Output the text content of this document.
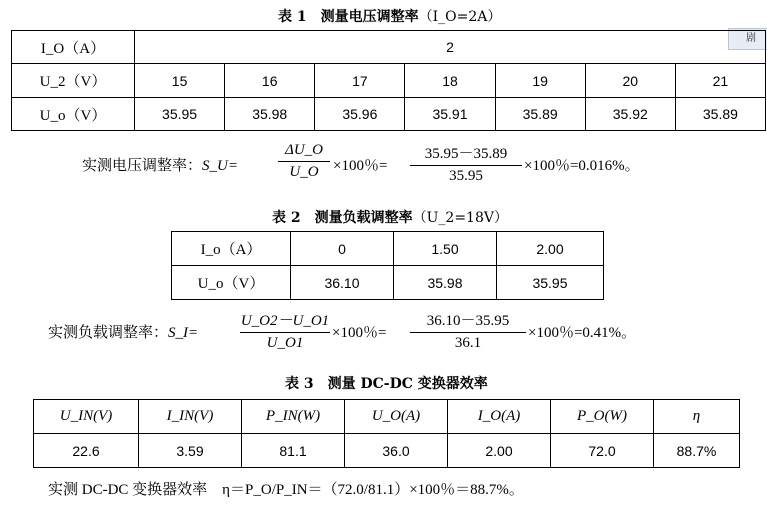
表 1　测量电压调整率（I_O=2A）
剧
I_O（A）	2						
U_2（V）	15	16	17	18	19	20	21
U_o（V）	35.95	35.98	35.96	35.91	35.89	35.92	35.89
实测电压调整率：S_U=
ΔU_O
U_O ×100％=
35.95－35.89
35.95
×100％=0.016%。
表 2　测量负载调整率（U_2=18V）
I_o（A）	0	1.50	2.00
U_o（V）	36.10	35.98	35.95
实测负载调整率：S_I=
U_O2－U_O1
U_O1
×100％=
36.10－35.95
36.1
×100％=0.41%。
表 3　测量 DC-DC 变换器效率
U_IN(V)	I_IN(V)	P_IN(W)	U_O(A)	I_O(A)	P_O(W)	η
22.6	3.59	81.1	36.0	2.00	72.0	88.7%
实测 DC-DC 变换器效率　η＝P_O/P_IN＝（72.0/81.1）×100％＝88.7%。
